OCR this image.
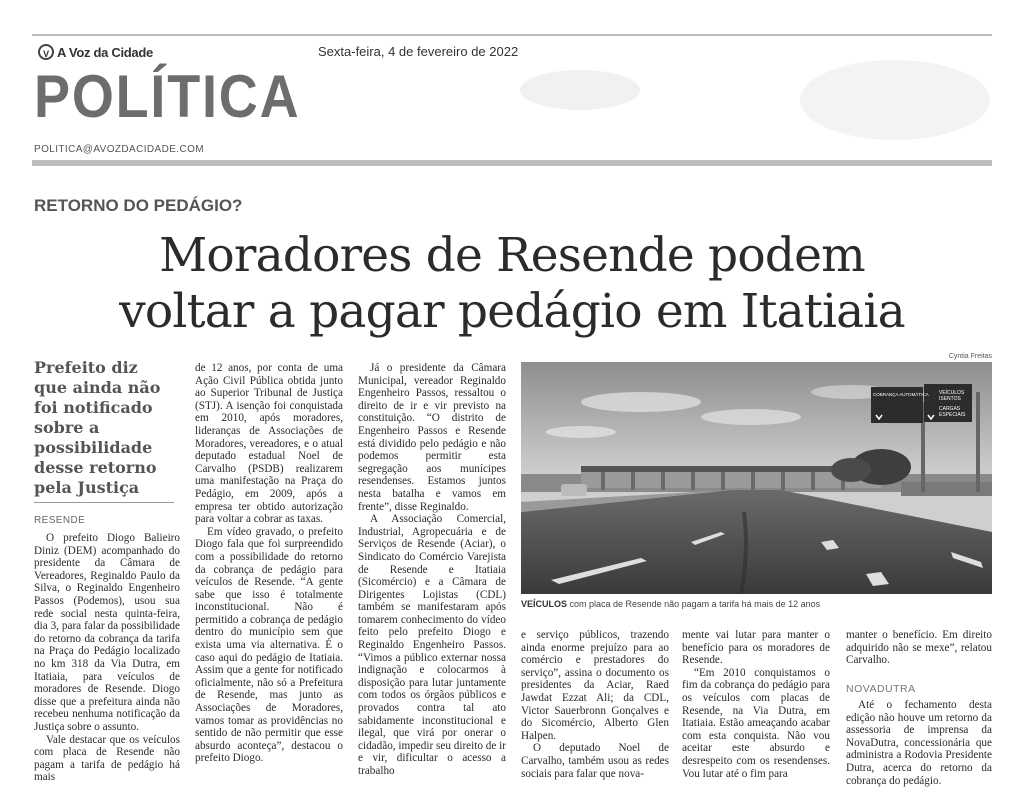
V A Voz da Cidade	Sexta-feira, 4 de fevereiro de 2022
POLÍTICA
POLITICA@AVOZDACIDADE.COM
RETORNO DO PEDÁGIO?
Moradores de Resende podem
voltar a pagar pedágio em Itatiaia
Prefeito diz que ainda não foi notificado sobre a possibilidade desse retorno pela Justiça
RESENDE

O prefeito Diogo Balieiro Diniz (DEM) acompanhado do presidente da Câmara de Vereadores, Reginaldo Paulo da Silva, o Reginaldo Engenheiro Passos (Podemos), usou sua rede social nesta quinta-feira, dia 3, para falar da possibilidade do retorno da cobrança da tarifa na Praça do Pedágio localizado no km 318 da Via Dutra, em Itatiaia, para veículos de moradores de Resende. Diogo disse que a prefeitura ainda não recebeu nenhuma notificação da Justiça sobre o assunto.

Vale destacar que os veículos com placa de Resende não pagam a tarifa de pedágio há mais

de 12 anos, por conta de uma Ação Civil Pública obtida junto ao Superior Tribunal de Justiça (STJ). A isenção foi conquistada em 2010, após moradores, lideranças de Associações de Moradores, vereadores, e o atual deputado estadual Noel de Carvalho (PSDB) realizarem uma manifestação na Praça do Pedágio, em 2009, após a empresa ter obtido autorização para voltar a cobrar as taxas.

Em vídeo gravado, o prefeito Diogo fala que foi surpreendido com a possibilidade do retorno da cobrança de pedágio para veículos de Resende. “A gente sabe que isso é totalmente inconstitucional. Não é permitido a cobrança de pedágio dentro do município sem que exista uma via alternativa. É o caso aqui do pedágio de Itatiaia. Assim que a gente for notificado oficialmente, não só a Prefeitura de Resende, mas junto as Associações de Moradores, vamos tomar as providências no sentido de não permitir que esse absurdo aconteça”, destacou o prefeito Diogo.

Já o presidente da Câmara Municipal, vereador Reginaldo Engenheiro Passos, ressaltou o direito de ir e vir previsto na constituição. “O distrito de Engenheiro Passos e Resende está dividido pelo pedágio e não podemos permitir esta segregação aos munícipes resendenses. Estamos juntos nesta batalha e vamos em frente”, disse Reginaldo.

A Associação Comercial, Industrial, Agropecuária e de Serviços de Resende (Aciar), o Sindicato do Comércio Varejista de Resende e Itatiaia (Sicomércio) e a Câmara de Dirigentes Lojistas (CDL) também se manifestaram após tomarem conhecimento do vídeo feito pelo prefeito Diogo e Reginaldo Engenheiro Passos. “Vimos a público externar nossa indignação e colocarmos à disposição para lutar juntamente com todos os órgãos públicos e provados contra tal ato sabidamente inconstitucional e ilegal, que virá por onerar o cidadão, impedir seu direito de ir e vir, dificultar o acesso a trabalho

Cyntia Freitas
COBRANÇA AUTOMÁTICA VEÍCULOS
ISENTOS
CARGAS
ESPECIAIS
VEÍCULOS com placa de Resende não pagam a tarifa há mais de 12 anos

e serviço públicos, trazendo ainda enorme prejuízo para ao comércio e prestadores do serviço”, assina o documento os presidentes da Aciar, Raed Jawdat Ezzat Ali; da CDL, Victor Sauerbronn Gonçalves e do Sicomércio, Alberto Glen Halpen.

O deputado Noel de Carvalho, também usou as redes sociais para falar que nova-

mente vai lutar para manter o benefício para os moradores de Resende.

“Em 2010 conquistamos o fim da cobrança do pedágio para os veículos com placas de Resende, na Via Dutra, em Itatiaia. Estão ameaçando acabar com esta conquista. Não vou aceitar este absurdo e desrespeito com os resendenses. Vou lutar até o fim para

manter o benefício. Em direito adquirido não se mexe”, relatou Carvalho.

NOVADUTRA

Até o fechamento desta edição não houve um retorno da assessoria de imprensa da NovaDutra, concessionária que administra a Rodovia Presidente Dutra, acerca do retorno da cobrança do pedágio.
